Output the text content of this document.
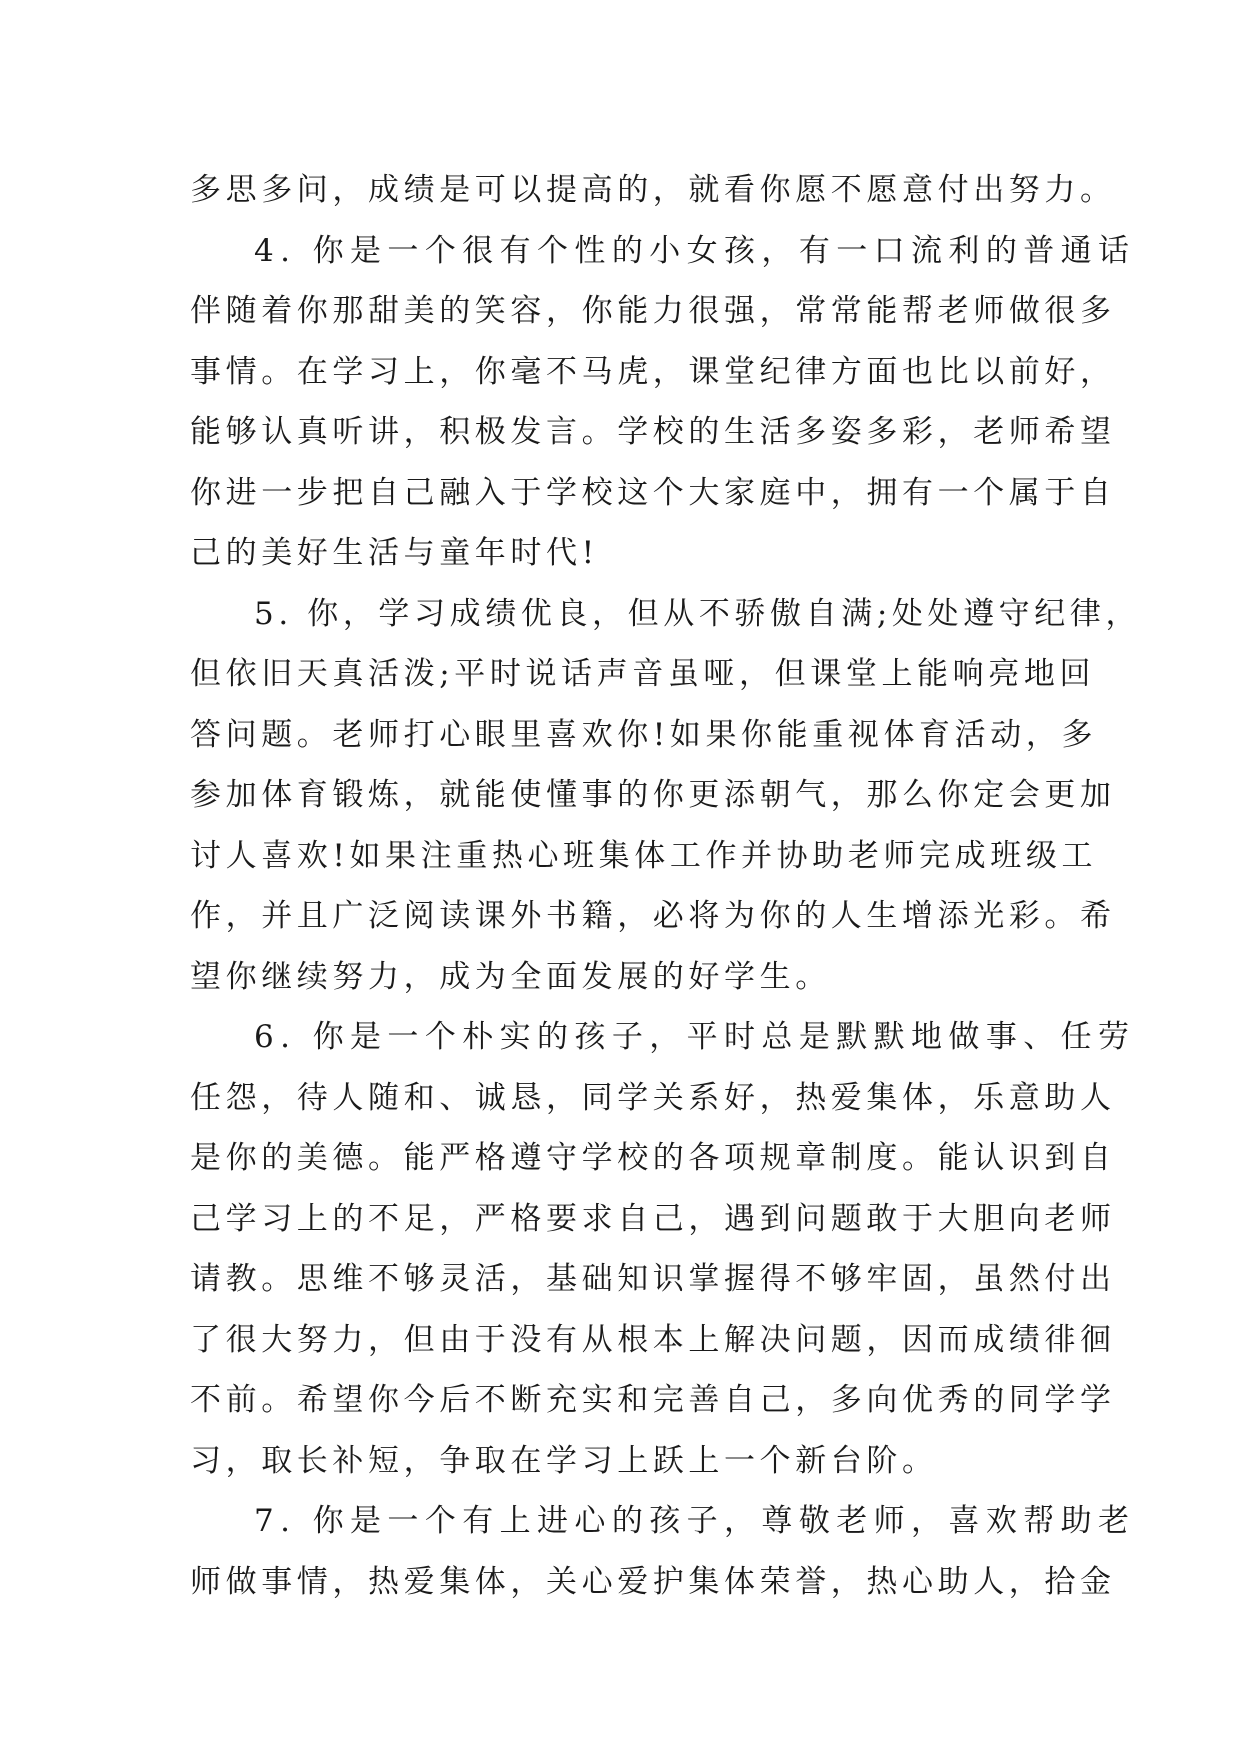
多思多问，成绩是可以提高的，就看你愿不愿意付出努力。
4. 你是一个很有个性的小女孩，有一口流利的普通话
伴随着你那甜美的笑容，你能力很强，常常能帮老师做很多
事情。在学习上，你毫不马虎，课堂纪律方面也比以前好，
能够认真听讲，积极发言。学校的生活多姿多彩，老师希望
你进一步把自己融入于学校这个大家庭中，拥有一个属于自
己的美好生活与童年时代!
5. 你，学习成绩优良，但从不骄傲自满;处处遵守纪律，
但依旧天真活泼;平时说话声音虽哑，但课堂上能响亮地回
答问题。老师打心眼里喜欢你!如果你能重视体育活动，多
参加体育锻炼，就能使懂事的你更添朝气，那么你定会更加
讨人喜欢!如果注重热心班集体工作并协助老师完成班级工
作，并且广泛阅读课外书籍，必将为你的人生增添光彩。希
望你继续努力，成为全面发展的好学生。
6. 你是一个朴实的孩子，平时总是默默地做事、任劳
任怨，待人随和、诚恳，同学关系好，热爱集体，乐意助人
是你的美德。能严格遵守学校的各项规章制度。能认识到自
己学习上的不足，严格要求自己，遇到问题敢于大胆向老师
请教。思维不够灵活，基础知识掌握得不够牢固，虽然付出
了很大努力，但由于没有从根本上解决问题，因而成绩徘徊
不前。希望你今后不断充实和完善自己，多向优秀的同学学
习，取长补短，争取在学习上跃上一个新台阶。
7. 你是一个有上进心的孩子，尊敬老师，喜欢帮助老
师做事情，热爱集体，关心爱护集体荣誉，热心助人，拾金
